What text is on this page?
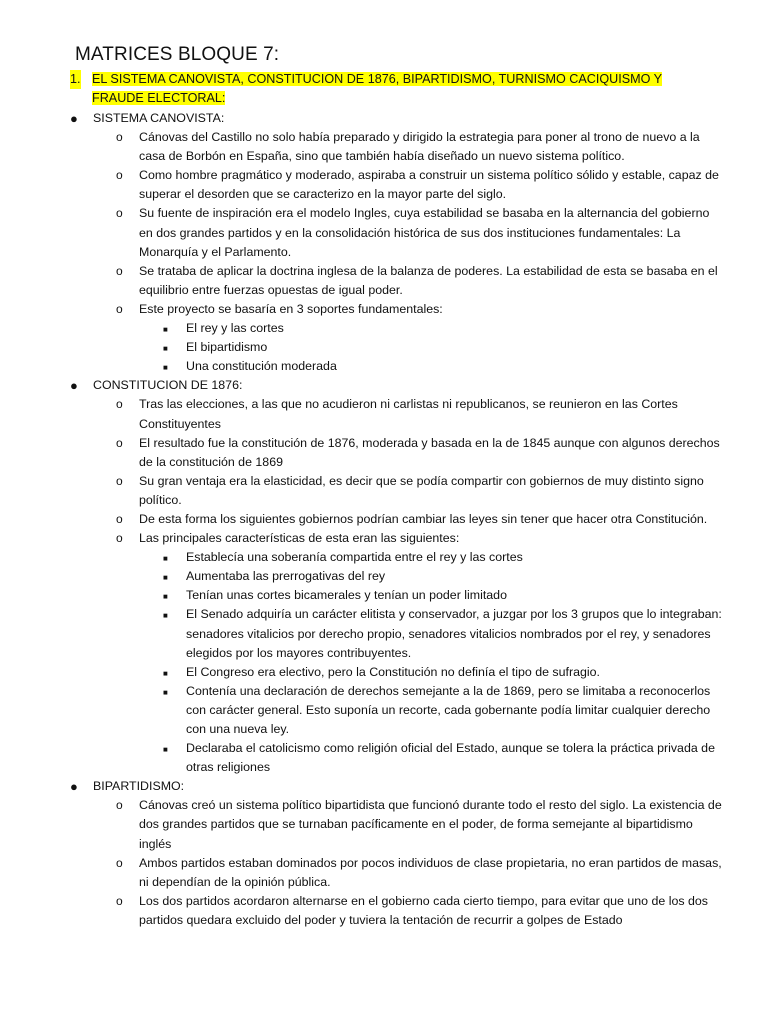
MATRICES BLOQUE 7:
1. EL SISTEMA CANOVISTA, CONSTITUCION DE 1876, BIPARTIDISMO, TURNISMO CACIQUISMO Y FRAUDE ELECTORAL:
● SISTEMA CANOVISTA:
o Cánovas del Castillo no solo había preparado y dirigido la estrategia para poner al trono de nuevo a la casa de Borbón en España, sino que también había diseñado un nuevo sistema político.
o Como hombre pragmático y moderado, aspiraba a construir un sistema político sólido y estable, capaz de superar el desorden que se caracterizo en la mayor parte del siglo.
o Su fuente de inspiración era el modelo Ingles, cuya estabilidad se basaba en la alternancia del gobierno en dos grandes partidos y en la consolidación histórica de sus dos instituciones fundamentales: La Monarquía y el Parlamento.
o Se trataba de aplicar la doctrina inglesa de la balanza de poderes. La estabilidad de esta se basaba en el equilibrio entre fuerzas opuestas de igual poder.
o Este proyecto se basaría en 3 soportes fundamentales:
■ El rey y las cortes
■ El bipartidismo
■ Una constitución moderada
● CONSTITUCION DE 1876:
o Tras las elecciones, a las que no acudieron ni carlistas ni republicanos, se reunieron en las Cortes Constituyentes
o El resultado fue la constitución de 1876, moderada y basada en la de 1845 aunque con algunos derechos de la constitución de 1869
o Su gran ventaja era la elasticidad, es decir que se podía compartir con gobiernos de muy distinto signo político.
o De esta forma los siguientes gobiernos podrían cambiar las leyes sin tener que hacer otra Constitución.
o Las principales características de esta eran las siguientes:
■ Establecía una soberanía compartida entre el rey y las cortes
■ Aumentaba las prerrogativas del rey
■ Tenían unas cortes bicamerales y tenían un poder limitado
■ El Senado adquiría un carácter elitista y conservador, a juzgar por los 3 grupos que lo integraban: senadores vitalicios por derecho propio, senadores vitalicios nombrados por el rey, y senadores elegidos por los mayores contribuyentes.
■ El Congreso era electivo, pero la Constitución no definía el tipo de sufragio.
■ Contenía una declaración de derechos semejante a la de 1869, pero se limitaba a reconocerlos con carácter general. Esto suponía un recorte, cada gobernante podía limitar cualquier derecho con una nueva ley.
■ Declaraba el catolicismo como religión oficial del Estado, aunque se tolera la práctica privada de otras religiones
● BIPARTIDISMO:
o Cánovas creó un sistema político bipartidista que funcionó durante todo el resto del siglo. La existencia de dos grandes partidos que se turnaban pacíficamente en el poder, de forma semejante al bipartidismo inglés
o Ambos partidos estaban dominados por pocos individuos de clase propietaria, no eran partidos de masas, ni dependían de la opinión pública.
o Los dos partidos acordaron alternarse en el gobierno cada cierto tiempo, para evitar que uno de los dos partidos quedara excluido del poder y tuviera la tentación de recurrir a golpes de Estado
